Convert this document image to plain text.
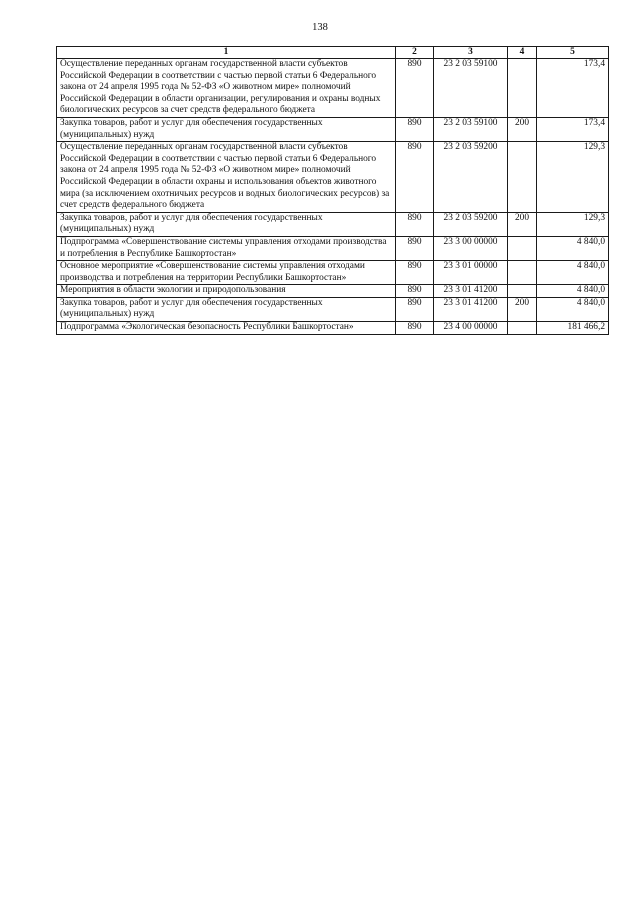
138
1	2	3	4	5
Осуществление переданных органам государственной власти субъектов Российской Федерации в соответствии с частью первой статьи 6 Федерального закона от 24 апреля 1995 года № 52-ФЗ «О животном мире» полномочий Российской Федерации в области организации, регулирования и охраны водных биологических ресурсов за счет средств федерального бюджета	890	23 2 03 59100		173,4
Закупка товаров, работ и услуг для обеспечения государственных (муниципальных) нужд	890	23 2 03 59100	200	173,4
Осуществление переданных органам государственной власти субъектов Российской Федерации в соответствии с частью первой статьи 6 Федерального закона от 24 апреля 1995 года № 52-ФЗ «О животном мире» полномочий Российской Федерации в области охраны и использования объектов животного мира (за исключением охотничьих ресурсов и водных биологических ресурсов) за счет средств федерального бюджета	890	23 2 03 59200		129,3
Закупка товаров, работ и услуг для обеспечения государственных (муниципальных) нужд	890	23 2 03 59200	200	129,3
Подпрограмма «Совершенствование системы управления отходами производства и потребления в Республике Башкортостан»	890	23 3 00 00000		4 840,0
Основное мероприятие «Совершенствование системы управления отходами производства и потребления на территории Республики Башкортостан»	890	23 3 01 00000		4 840,0
Мероприятия в области экологии и природопользования	890	23 3 01 41200		4 840,0
Закупка товаров, работ и услуг для обеспечения государственных (муниципальных) нужд	890	23 3 01 41200	200	4 840,0
Подпрограмма «Экологическая безопасность Республики Башкортостан»	890	23 4 00 00000		181 466,2
